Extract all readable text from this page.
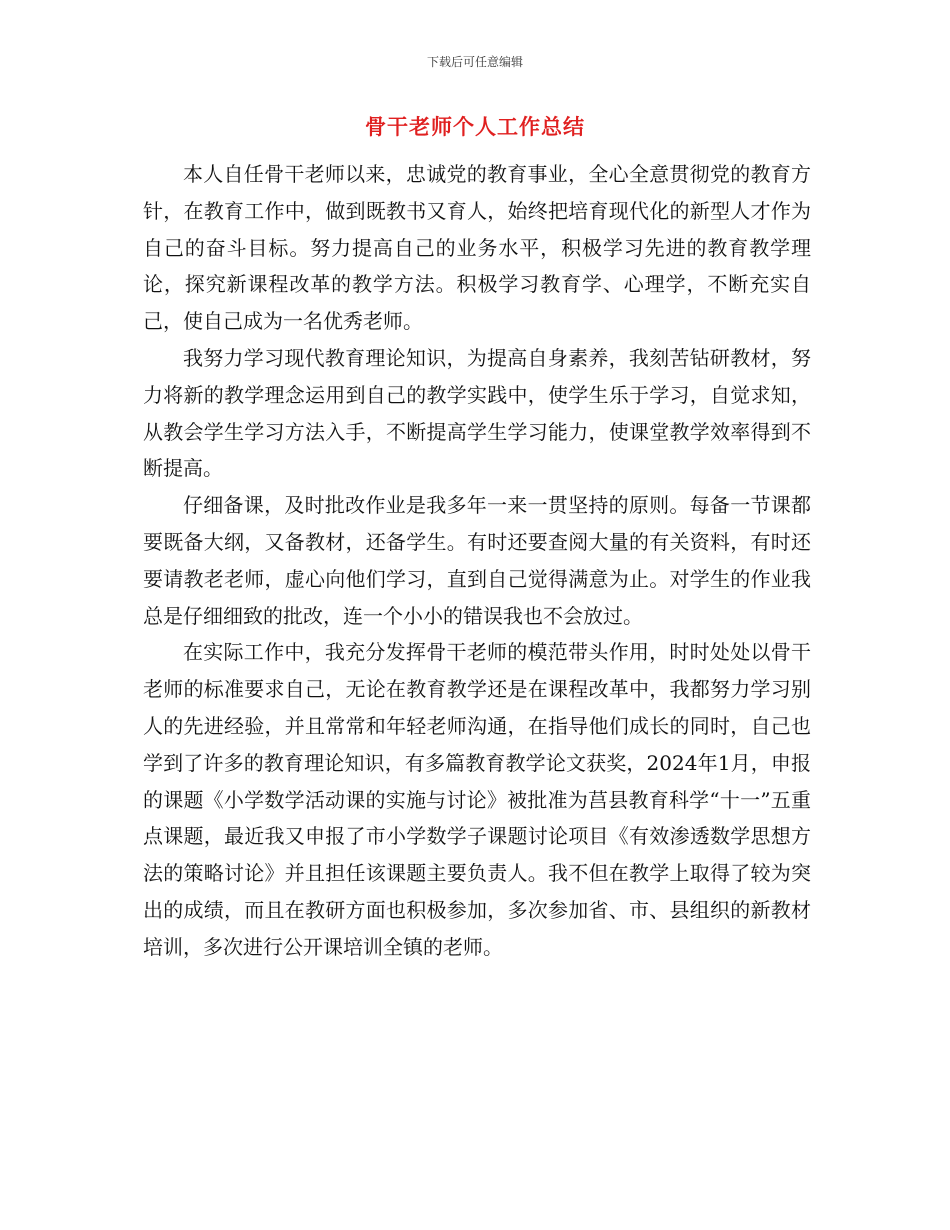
下载后可任意编辑
骨干老师个人工作总结

本人自任骨干老师以来，忠诚党的教育事业，全心全意贯彻党的教育方针，在教育工作中，做到既教书又育人，始终把培育现代化的新型人才作为自己的奋斗目标。努力提高自己的业务水平，积极学习先进的教育教学理论，探究新课程改革的教学方法。积极学习教育学、心理学，不断充实自己，使自己成为一名优秀老师。

我努力学习现代教育理论知识，为提高自身素养，我刻苦钻研教材，努力将新的教学理念运用到自己的教学实践中，使学生乐于学习，自觉求知，从教会学生学习方法入手，不断提高学生学习能力，使课堂教学效率得到不断提高。

仔细备课，及时批改作业是我多年一来一贯坚持的原则。每备一节课都要既备大纲，又备教材，还备学生。有时还要查阅大量的有关资料，有时还要请教老老师，虚心向他们学习，直到自己觉得满意为止。对学生的作业我总是仔细细致的批改，连一个小小的错误我也不会放过。

在实际工作中，我充分发挥骨干老师的模范带头作用，时时处处以骨干老师的标准要求自己，无论在教育教学还是在课程改革中，我都努力学习别人的先进经验，并且常常和年轻老师沟通，在指导他们成长的同时，自己也学到了许多的教育理论知识，有多篇教育教学论文获奖，2024年1月，申报的课题《小学数学活动课的实施与讨论》被批准为莒县教育科学“十一”五重点课题，最近我又申报了市小学数学子课题讨论项目《有效渗透数学思想方法的策略讨论》并且担任该课题主要负责人。我不但在教学上取得了较为突出的成绩，而且在教研方面也积极参加，多次参加省、市、县组织的新教材培训，多次进行公开课培训全镇的老师。
